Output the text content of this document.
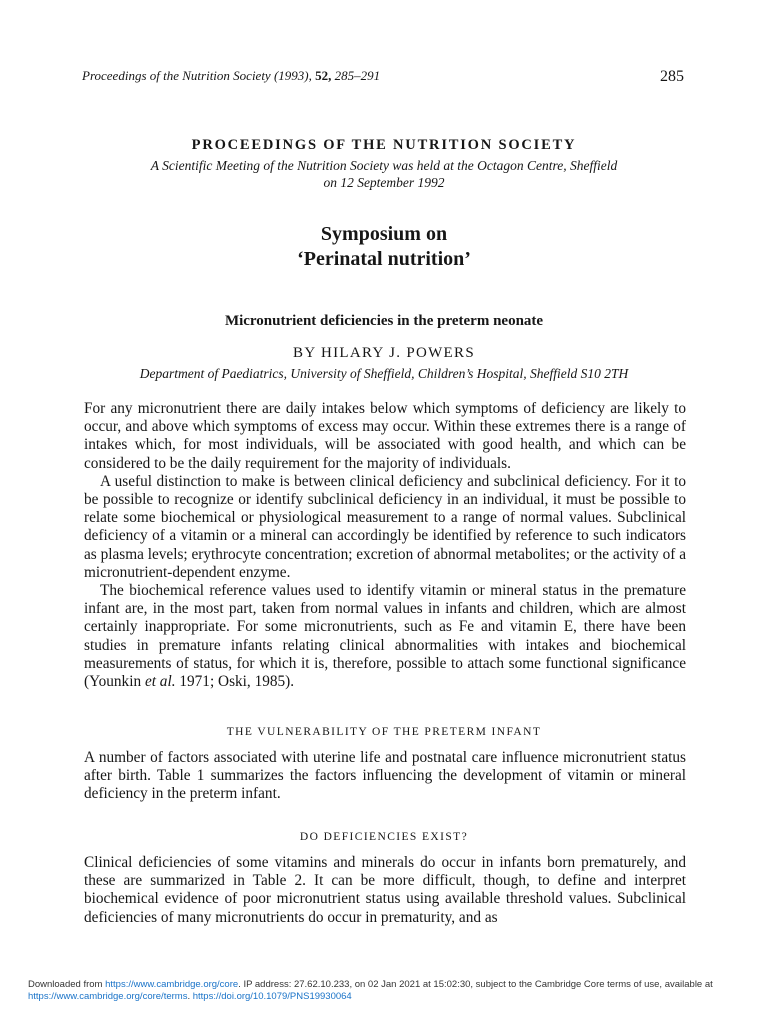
Proceedings of the Nutrition Society (1993), 52, 285–291	285
PROCEEDINGS OF THE NUTRITION SOCIETY
A Scientific Meeting of the Nutrition Society was held at the Octagon Centre, Sheffield
on 12 September 1992
Symposium on
‘Perinatal nutrition’
Micronutrient deficiencies in the preterm neonate
BY HILARY J. POWERS
Department of Paediatrics, University of Sheffield, Children’s Hospital, Sheffield S10 2TH

For any micronutrient there are daily intakes below which symptoms of deficiency are likely to occur, and above which symptoms of excess may occur. Within these extremes there is a range of intakes which, for most individuals, will be associated with good health, and which can be considered to be the daily requirement for the majority of individuals.

A useful distinction to make is between clinical deficiency and subclinical deficiency. For it to be possible to recognize or identify subclinical deficiency in an individual, it must be possible to relate some biochemical or physiological measurement to a range of normal values. Subclinical deficiency of a vitamin or a mineral can accordingly be identified by reference to such indicators as plasma levels; erythrocyte concentration; excretion of abnormal metabolites; or the activity of a micronutrient-dependent enzyme.

The biochemical reference values used to identify vitamin or mineral status in the premature infant are, in the most part, taken from normal values in infants and children, which are almost certainly inappropriate. For some micronutrients, such as Fe and vitamin E, there have been studies in premature infants relating clinical abnormalities with intakes and biochemical measurements of status, for which it is, therefore, possible to attach some functional significance (Younkin et al. 1971; Oski, 1985).

THE VULNERABILITY OF THE PRETERM INFANT

A number of factors associated with uterine life and postnatal care influence micronutrient status after birth. Table 1 summarizes the factors influencing the development of vitamin or mineral deficiency in the preterm infant.

DO DEFICIENCIES EXIST?

Clinical deficiencies of some vitamins and minerals do occur in infants born prematurely, and these are summarized in Table 2. It can be more difficult, though, to define and interpret biochemical evidence of poor micronutrient status using available threshold values. Subclinical deficiencies of many micronutrients do occur in prematurity, and as

Downloaded from https://www.cambridge.org/core. IP address: 27.62.10.233, on 02 Jan 2021 at 15:02:30, subject to the Cambridge Core terms of use, available at
https://www.cambridge.org/core/terms. https://doi.org/10.1079/PNS19930064
